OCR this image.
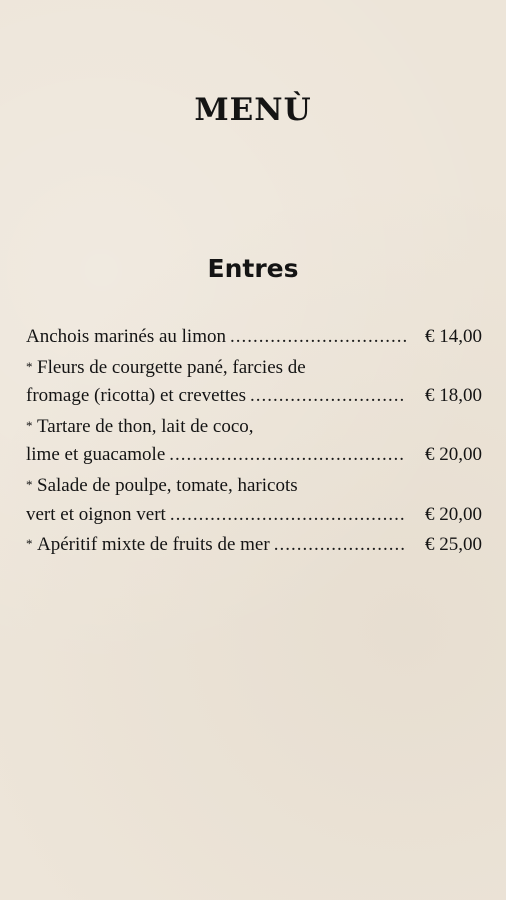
MENÙ
Entres
Anchois marinés au limon .....	€ 14,00
* Fleurs de courgette pané, farcies de
fromage (ricotta) et crevettes .....	€ 18,00
* Tartare de thon, lait de coco,
lime et guacamole .....	€ 20,00
* Salade de poulpe, tomate, haricots
vert et oignon vert .....	€ 20,00
* Apéritif mixte de fruits de mer .....	€ 25,00
